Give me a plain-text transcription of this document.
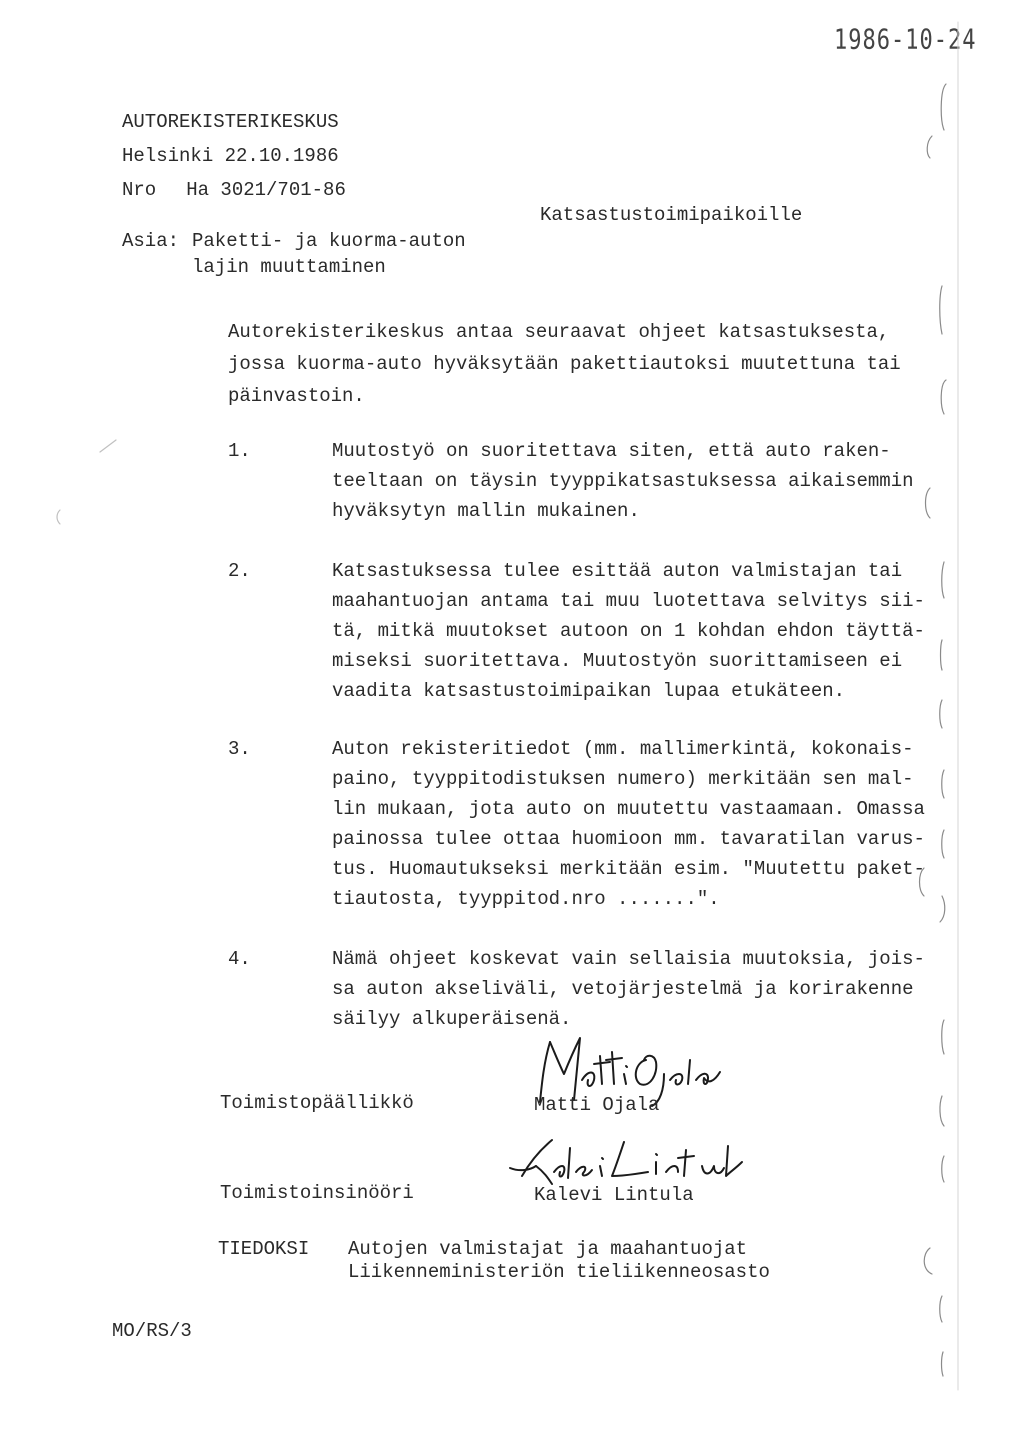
1986-10-24
AUTOREKISTERIKESKUS
Helsinki 22.10.1986
Nro Ha 3021/701-86
Katsastustoimipaikoille
Asia: Paketti- ja kuorma-auton
lajin muuttaminen
Autorekisterikeskus antaa seuraavat ohjeet katsastuksesta,
jossa kuorma-auto hyväksytään pakettiautoksi muutettuna tai
päinvastoin.
1.	Muutostyö on suoritettava siten, että auto raken-
teeltaan on täysin tyyppikatsastuksessa aikaisemmin
hyväksytyn mallin mukainen.
2.	Katsastuksessa tulee esittää auton valmistajan tai
maahantuojan antama tai muu luotettava selvitys sii-
tä, mitkä muutokset autoon on 1 kohdan ehdon täyttä-
miseksi suoritettava. Muutostyön suorittamiseen ei
vaadita katsastustoimipaikan lupaa etukäteen.
3.	Auton rekisteritiedot (mm. mallimerkintä, kokonais-
paino, tyyppitodistuksen numero) merkitään sen mal-
lin mukaan, jota auto on muutettu vastaamaan. Omassa
painossa tulee ottaa huomioon mm. tavaratilan varus-
tus. Huomautukseksi merkitään esim. "Muutettu paket-
tiautosta, tyyppitod.nro .......".
4.	Nämä ohjeet koskevat vain sellaisia muutoksia, jois-
sa auton akseliväli, vetojärjestelmä ja korirakenne
säilyy alkuperäisenä.
Toimistopäällikkö	Matti Ojala
Toimistoinsinööri	Kalevi Lintula
TIEDOKSI Autojen valmistajat ja maahantuojat
Liikenneministeriön tieliikenneosasto
MO/RS/3
